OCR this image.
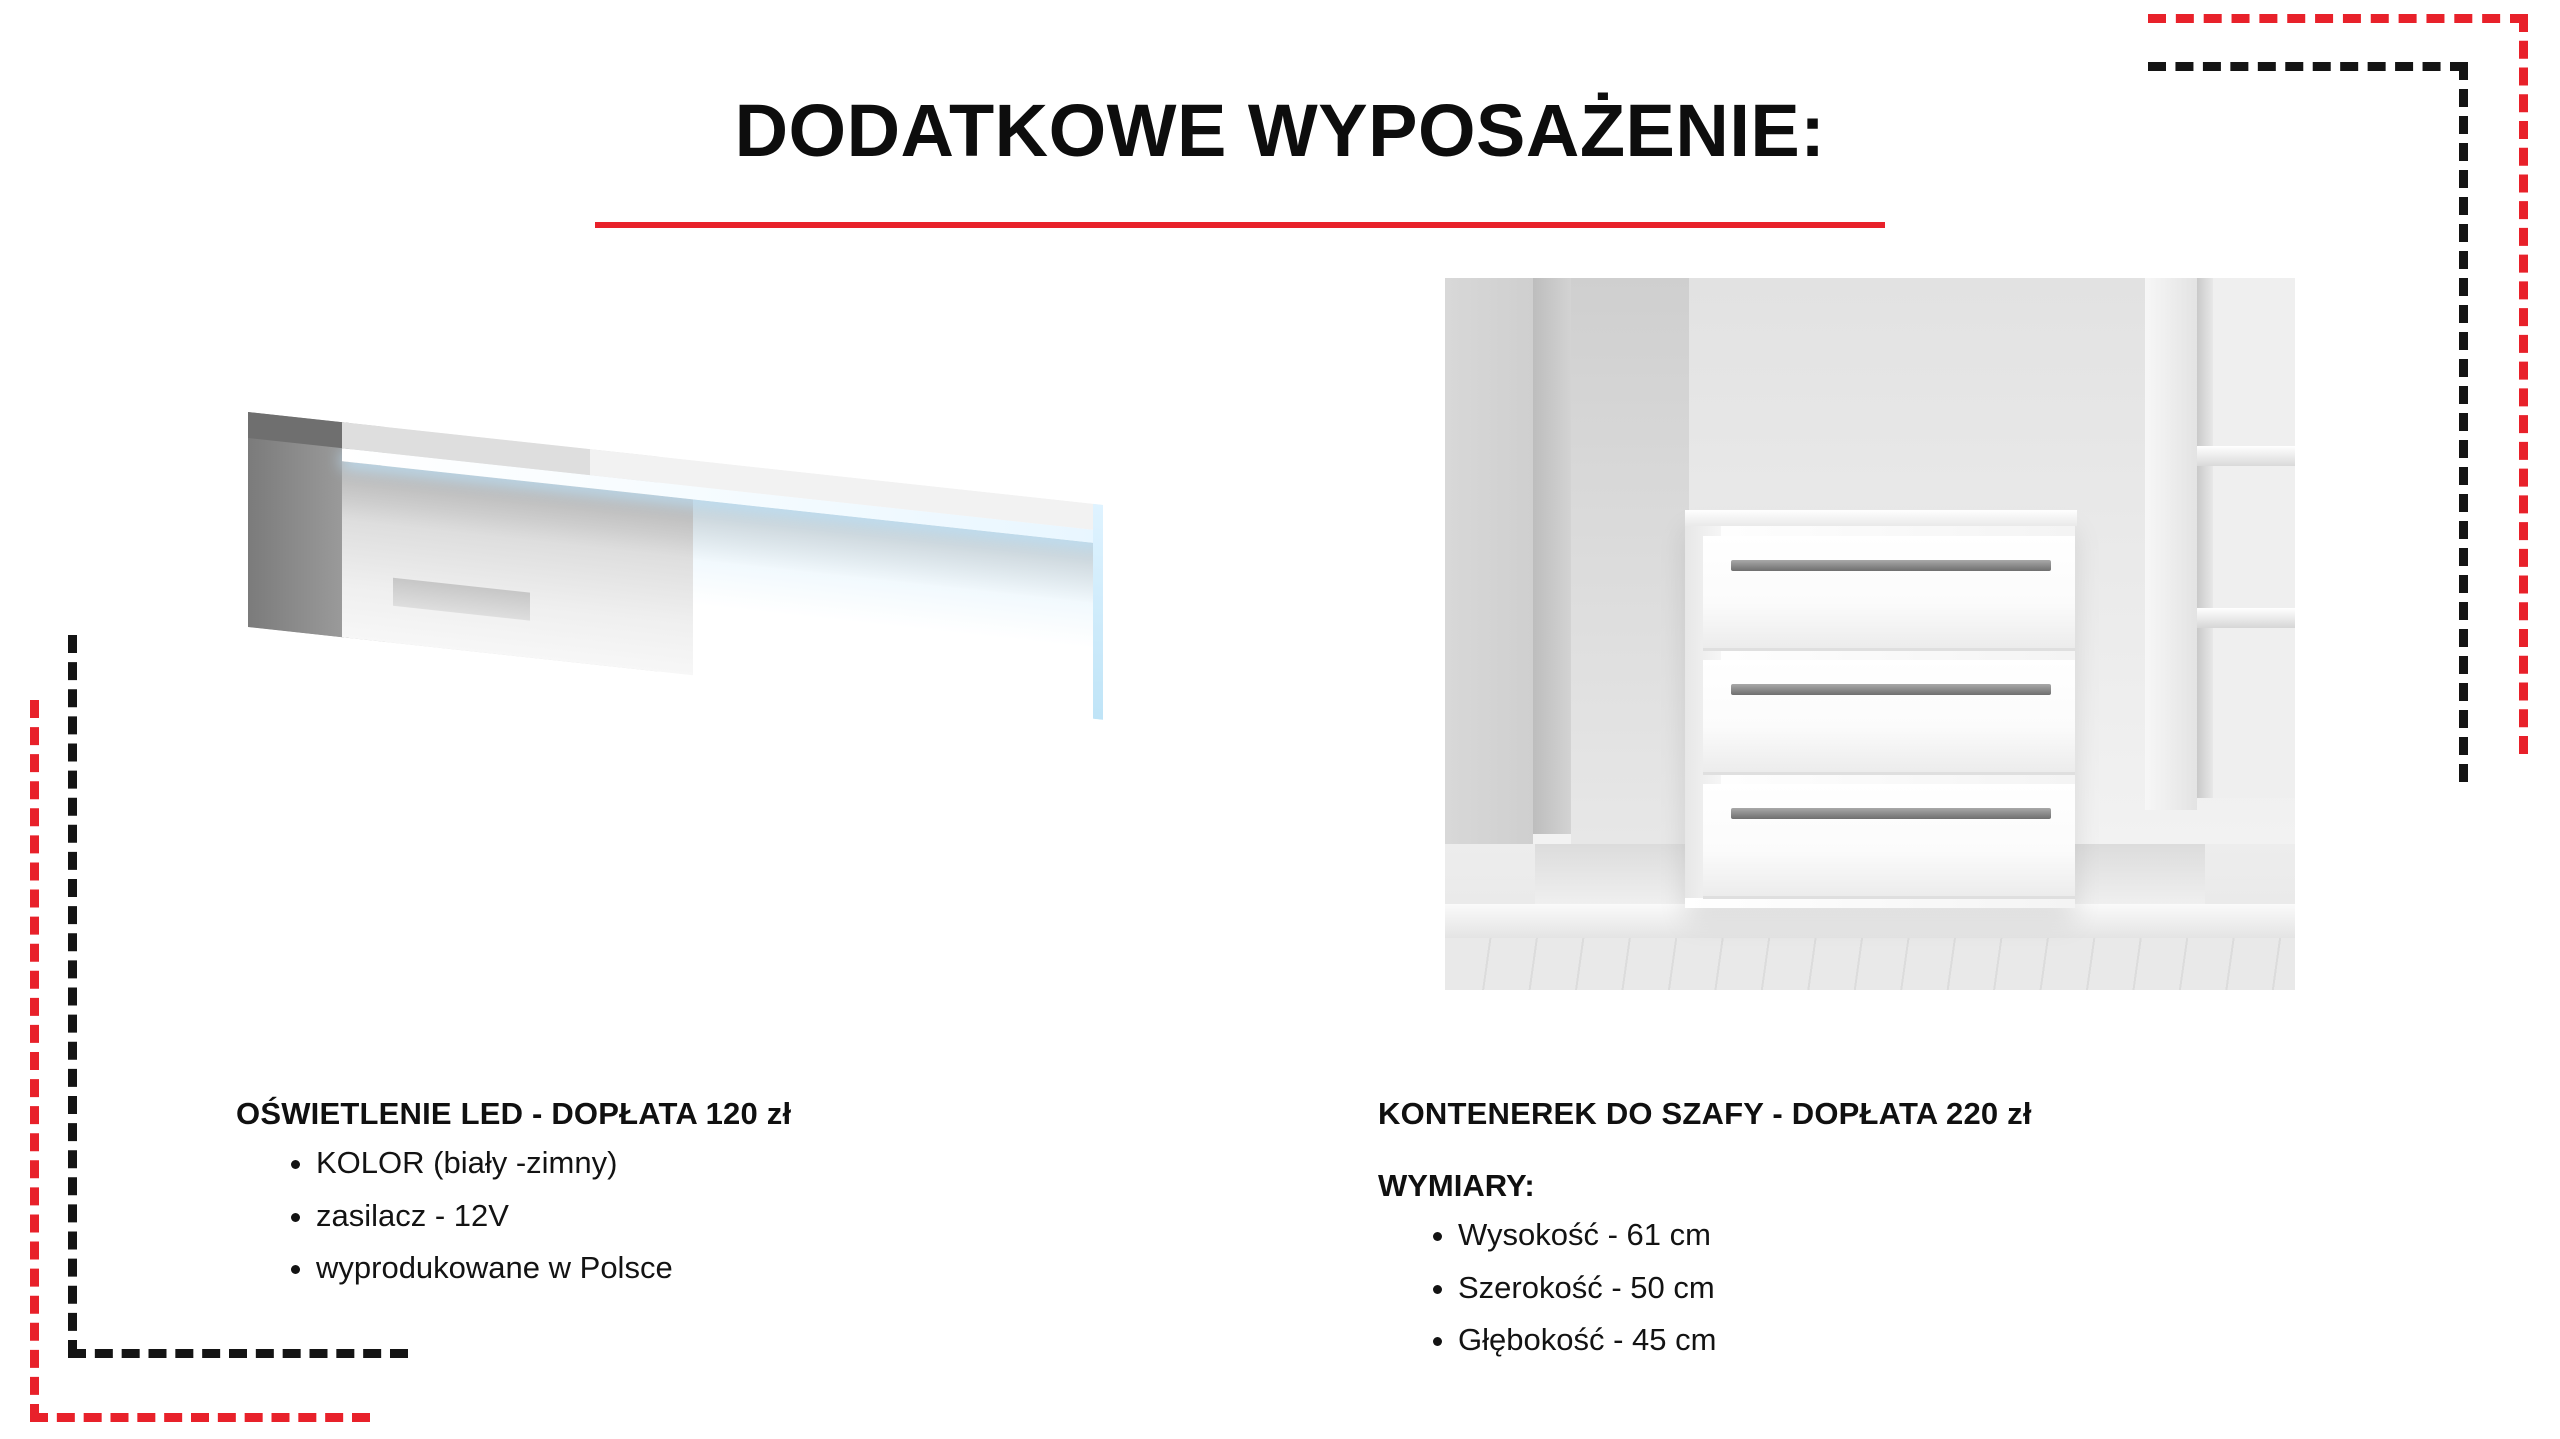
DODATKOWE WYPOSAŻENIE:
OŚWIETLENIE LED - DOPŁATA 120 zł
• KOLOR (biały -zimny)
• zasilacz - 12V
• wyprodukowane w Polsce
KONTENEREK DO SZAFY - DOPŁATA 220 zł
WYMIARY:
• Wysokość - 61 cm
• Szerokość - 50 cm
• Głębokość - 45 cm
